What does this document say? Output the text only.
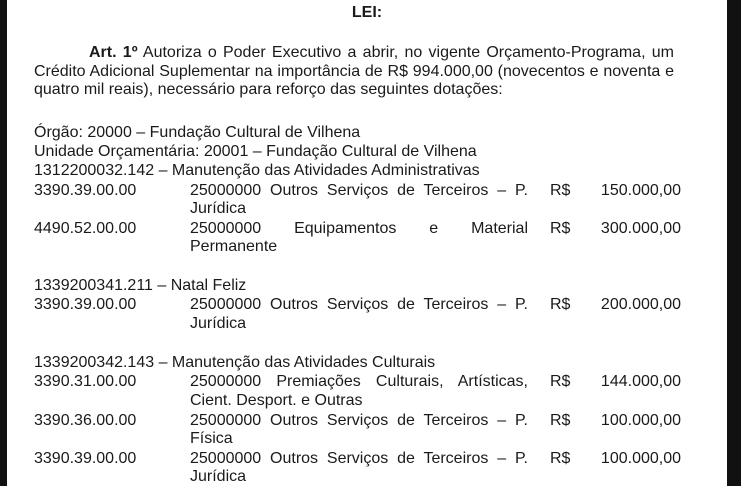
LEI:
Art. 1º Autoriza o Poder Executivo a abrir, no vigente Orçamento-Programa, um Crédito Adicional Suplementar na importância de R$ 994.000,00 (novecentos e noventa e quatro mil reais), necessário para reforço das seguintes dotações:
Órgão: 20000 – Fundação Cultural de Vilhena
Unidade Orçamentária: 20001 – Fundação Cultural de Vilhena
1312200032.142 – Manutenção das Atividades Administrativas
3390.39.00.00	25000000 Outros Serviços de Terceiros – P. R$	150.000,00
Jurídica
4490.52.00.00	25000000 Equipamentos e Material R$	300.000,00
Permanente
1339200341.211 – Natal Feliz
3390.39.00.00	25000000 Outros Serviços de Terceiros – P. R$	200.000,00
Jurídica
1339200342.143 – Manutenção das Atividades Culturais
3390.31.00.00	25000000 Premiações Culturais, Artísticas, R$	144.000,00
Cient. Desport. e Outras
3390.36.00.00	25000000 Outros Serviços de Terceiros – P. R$	100.000,00
Física
3390.39.00.00	25000000 Outros Serviços de Terceiros – P. R$	100.000,00
Jurídica
